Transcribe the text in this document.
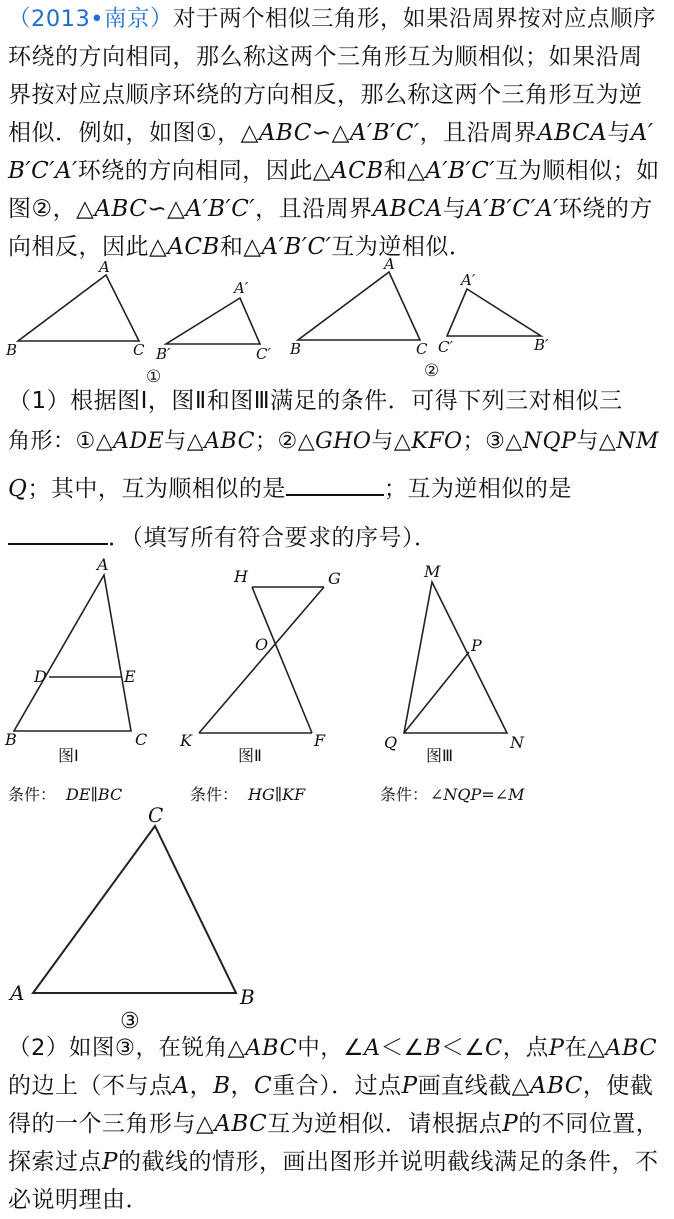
（2013•南京）对于两个相似三角形，如果沿周界按对应点顺序
环绕的方向相同，那么称这两个三角形互为顺相似；如果沿周
界按对应点顺序环绕的方向相反，那么称这两个三角形互为逆
相似．例如，如图①，△ABC∽△A′B′C′，且沿周界ABCA与A′
B′C′A′环绕的方向相同，因此△ACB和△A′B′C′互为顺相似；如
图②，△ABC∽△A′B′C′，且沿周界ABCA与A′B′C′A′环绕的方
向相反，因此△ACB和△A′B′C′互为逆相似．
A
B	C
A′
B′	C′
①
A
B	C
A′
B′
C′
②
A
D	E
B	C
图Ⅰ
H	G
O
K	F
图Ⅱ
M
P
Q	N
图Ⅲ
条件： DE∥BC	条件： HG∥KF	条件： ∠NQP=∠M
C
A	B
③
（1）根据图Ⅰ，图Ⅱ和图Ⅲ满足的条件．可得下列三对相似三
角形：①△ADE与△ABC；②△GHO与△KFO；③△NQP与△NM
Q；其中，互为顺相似的是	；互为逆相似的是
．（填写所有符合要求的序号）．
（2）如图③，在锐角△ABC中，∠A＜∠B＜∠C，点P在△ABC
的边上（不与点A，B，C重合）．过点P画直线截△ABC，使截
得的一个三角形与△ABC互为逆相似．请根据点P的不同位置，
探索过点P的截线的情形，画出图形并说明截线满足的条件，不
必说明理由．
